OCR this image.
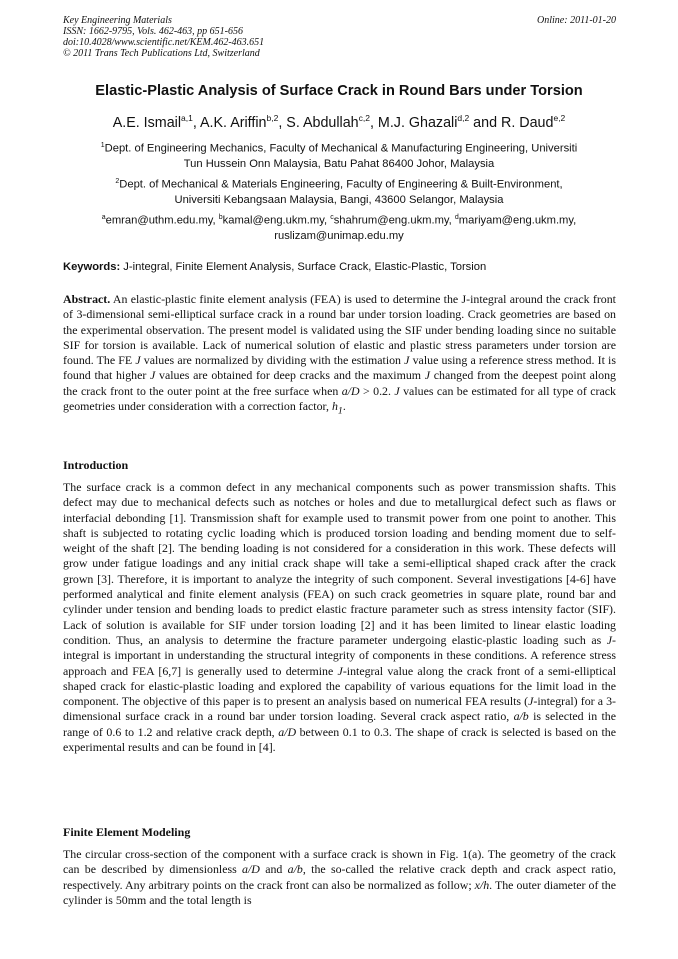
Key Engineering Materials
ISSN: 1662-9795, Vols. 462-463, pp 651-656
doi:10.4028/www.scientific.net/KEM.462-463.651
© 2011 Trans Tech Publications Ltd, Switzerland
Online: 2011-01-20
Elastic-Plastic Analysis of Surface Crack in Round Bars under Torsion
A.E. Ismail$^{a,1}$, A.K. Ariffin$^{b,2}$, S. Abdullah$^{c,2}$, M.J. Ghazali$^{d,2}$ and R. Daud$^{e,2}$
$^1$Dept. of Engineering Mechanics, Faculty of Mechanical & Manufacturing Engineering, Universiti
Tun Hussein Onn Malaysia, Batu Pahat 86400 Johor, Malaysia
$^2$Dept. of Mechanical & Materials Engineering, Faculty of Engineering & Built-Environment,
Universiti Kebangsaan Malaysia, Bangi, 43600 Selangor, Malaysia
$^a$emran@uthm.edu.my, $^b$kamal@eng.ukm.my, $^c$shahrum@eng.ukm.my, $^d$mariyam@eng.ukm.my,
ruslizam@unimap.edu.my
Keywords: J-integral, Finite Element Analysis, Surface Crack, Elastic-Plastic, Torsion
Abstract. An elastic-plastic finite element analysis (FEA) is used to determine the J-integral around the crack front of 3-dimensional semi-elliptical surface crack in a round bar under torsion loading. Crack geometries are based on the experimental observation. The present model is validated using the SIF under bending loading since no suitable SIF for torsion is available. Lack of numerical solution of elastic and plastic stress parameters under torsion are found. The FE J values are normalized by dividing with the estimation J value using a reference stress method. It is found that higher J values are obtained for deep cracks and the maximum J changed from the deepest point along the crack front to the outer point at the free surface when a/D > 0.2. J values can be estimated for all type of crack geometries under consideration with a correction factor, $h_1$.
Introduction
The surface crack is a common defect in any mechanical components such as power transmission shafts. This defect may due to mechanical defects such as notches or holes and due to metallurgical defect such as flaws or interfacial debonding [1]. Transmission shaft for example used to transmit power from one point to another. This shaft is subjected to rotating cyclic loading which is produced torsion loading and bending moment due to self-weight of the shaft [2]. The bending loading is not considered for a consideration in this work. These defects will grow under fatigue loadings and any initial crack shape will take a semi-elliptical shaped crack after the crack grown [3]. Therefore, it is important to analyze the integrity of such component. Several investigations [4-6] have performed analytical and finite element analysis (FEA) on such crack geometries in square plate, round bar and cylinder under tension and bending loads to predict elastic fracture parameter such as stress intensity factor (SIF). Lack of solution is available for SIF under torsion loading [2] and it has been limited to linear elastic loading condition. Thus, an analysis to determine the fracture parameter undergoing elastic-plastic loading such as J-integral is important in understanding the structural integrity of components in these conditions. A reference stress approach and FEA [6,7] is generally used to determine J-integral value along the crack front of a semi-elliptical shaped crack for elastic-plastic loading and explored the capability of various equations for the limit load in the component. The objective of this paper is to present an analysis based on numerical FEA results (J-integral) for a 3-dimensional surface crack in a round bar under torsion loading. Several crack aspect ratio, a/b is selected in the range of 0.6 to 1.2 and relative crack depth, a/D between 0.1 to 0.3. The shape of crack is selected is based on the experimental results and can be found in [4].
Finite Element Modeling
The circular cross-section of the component with a surface crack is shown in Fig. 1(a). The geometry of the crack can be described by dimensionless a/D and a/b, the so-called the relative crack depth and crack aspect ratio, respectively. Any arbitrary points on the crack front can also be normalized as follow; x/h. The outer diameter of the cylinder is 50mm and the total length is
